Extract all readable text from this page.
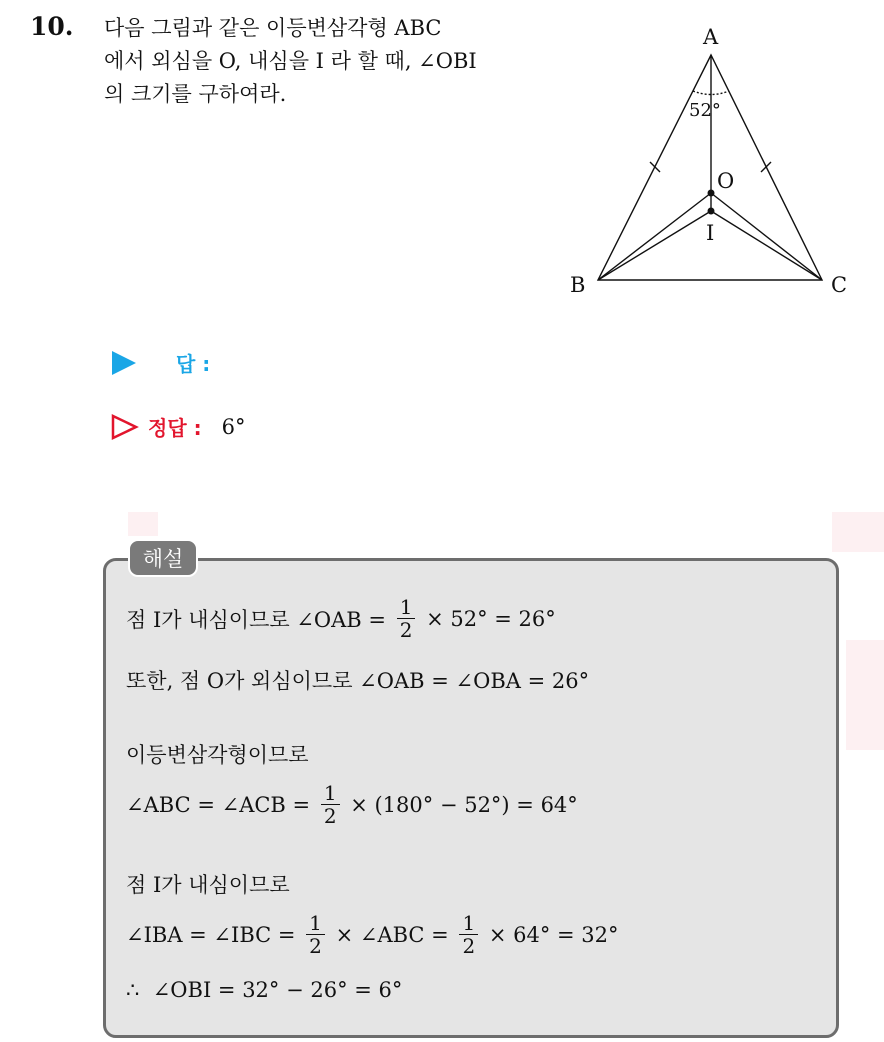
10. 다음 그림과 같은 이등변삼각형 ABC
에서 외심을 O, 내심을 I 라 할 때, ∠OBI
의 크기를 구하여라.
A
B	C
O
I
52°
답 :
정답 : 6°
해설
점 I가 내심이므로 ∠OAB = $\frac{1}{2} \times 52^\circ = 26^\circ$
또한, 점 O가 외심이므로 ∠OAB = ∠OBA = 26°
이등변삼각형이므로
∠ABC = ∠ACB = $\frac{1}{2} \times (180^\circ - 52^\circ) = 64^\circ$
점 I가 내심이므로
∠IBA = ∠IBC = $\frac{1}{2}$ × ∠ABC = $\frac{1}{2} \times 64^\circ = 32^\circ$
∴  ∠OBI = 32° − 26° = 6°
